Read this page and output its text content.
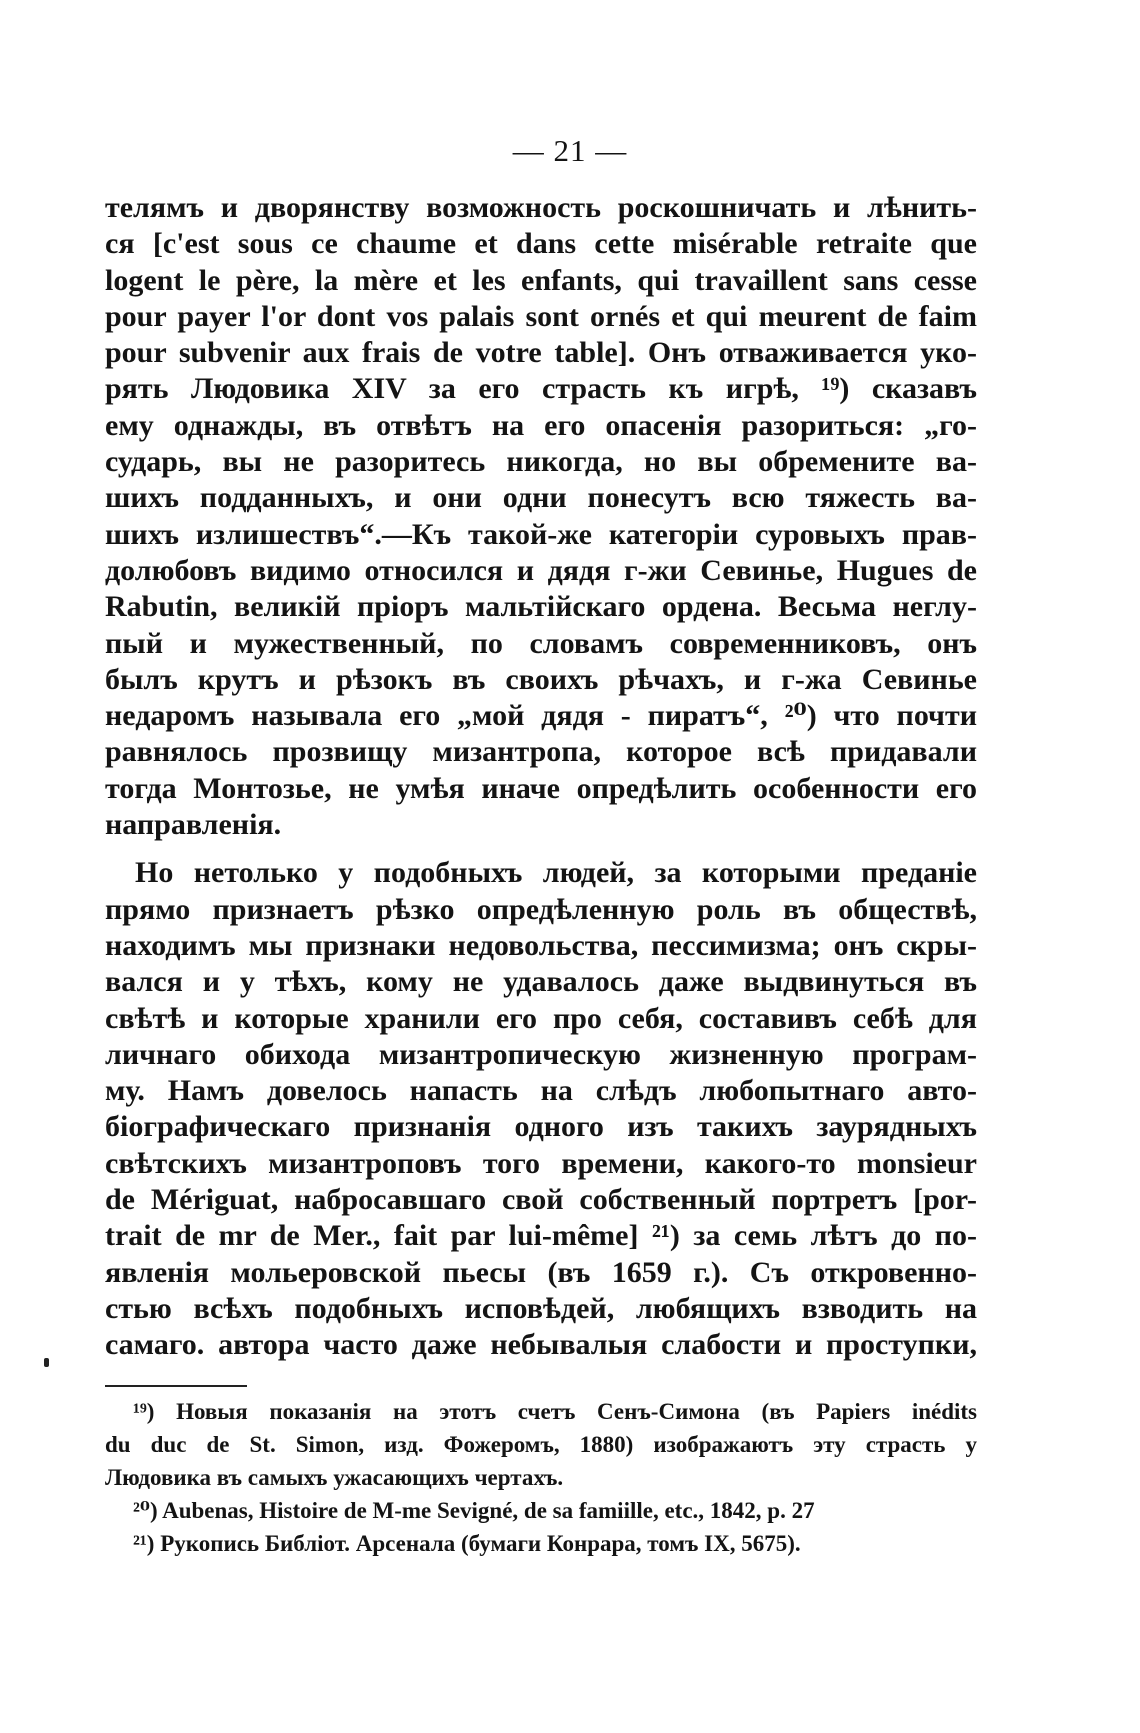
— 21 —

телямъ и дворянству возможность роскошничать и лѣнить-
ся [c'est sous ce chaume et dans cette misérable retraite que
logent le père, la mère et les enfants, qui travaillent sans cesse
pour payer l'or dont vos palais sont ornés et qui meurent de faim
pour subvenir aux frais de votre table]. Онъ отваживается уко-
рять Людовика XIV за его страсть къ игрѣ, ¹⁹) сказавъ
ему однажды, въ отвѣтъ на его опасенія разориться: „го-
сударь, вы не разоритесь никогда, но вы обремените ва-
шихъ подданныхъ, и они одни понесутъ всю тяжесть ва-
шихъ излишествъ“.—Къ такой-же категоріи суровыхъ прав-
долюбовъ видимо относился и дядя г-жи Севинье, Hugues de
Rabutin, великій пріоръ мальтійскаго ордена. Весьма неглу-
пый и мужественный, по словамъ современниковъ, онъ
былъ крутъ и рѣзокъ въ своихъ рѣчахъ, и г-жа Севинье
недаромъ называла его „мой дядя - пиратъ“, ²⁰) что почти
равнялось прозвищу мизантропа, которое всѣ придавали
тогда Монтозье, не умѣя иначе опредѣлить особенности его
направленія.

Но нетолько у подобныхъ людей, за которыми преданіе
прямо признаетъ рѣзко опредѣленную роль въ обществѣ,
находимъ мы признаки недовольства, пессимизма; онъ скры-
вался и у тѣхъ, кому не удавалось даже выдвинуться въ
свѣтѣ и которые хранили его про себя, составивъ себѣ для
личнаго обихода мизантропическую жизненную програм-
му. Намъ довелось напасть на слѣдъ любопытнаго авто-
біографическаго признанія одного изъ такихъ заурядныхъ
свѣтскихъ мизантроповъ того времени, какого-то monsieur
de Mériguat, набросавшаго свой собственный портретъ [por-
trait de mr de Mer., fait par lui-même] ²¹) за семь лѣтъ до по-
явленія мольеровской пьесы (въ 1659 г.). Съ откровенно-
стью всѣхъ подобныхъ исповѣдей, любящихъ взводить на
самаго. автора часто даже небывалыя слабости и проступки,

¹⁹) Новыя показанія на этотъ счетъ Сенъ-Симона (въ Papiers inédits
du duc de St. Simon, изд. Фожеромъ, 1880) изображаютъ эту страсть у
Людовика въ самыхъ ужасающихъ чертахъ.

²⁰) Aubenas, Histoire de M-me Sevigné, de sa famiille, etc., 1842, p. 27

²¹) Рукопись Библіот. Арсенала (бумаги Конрара, томъ IX, 5675).
